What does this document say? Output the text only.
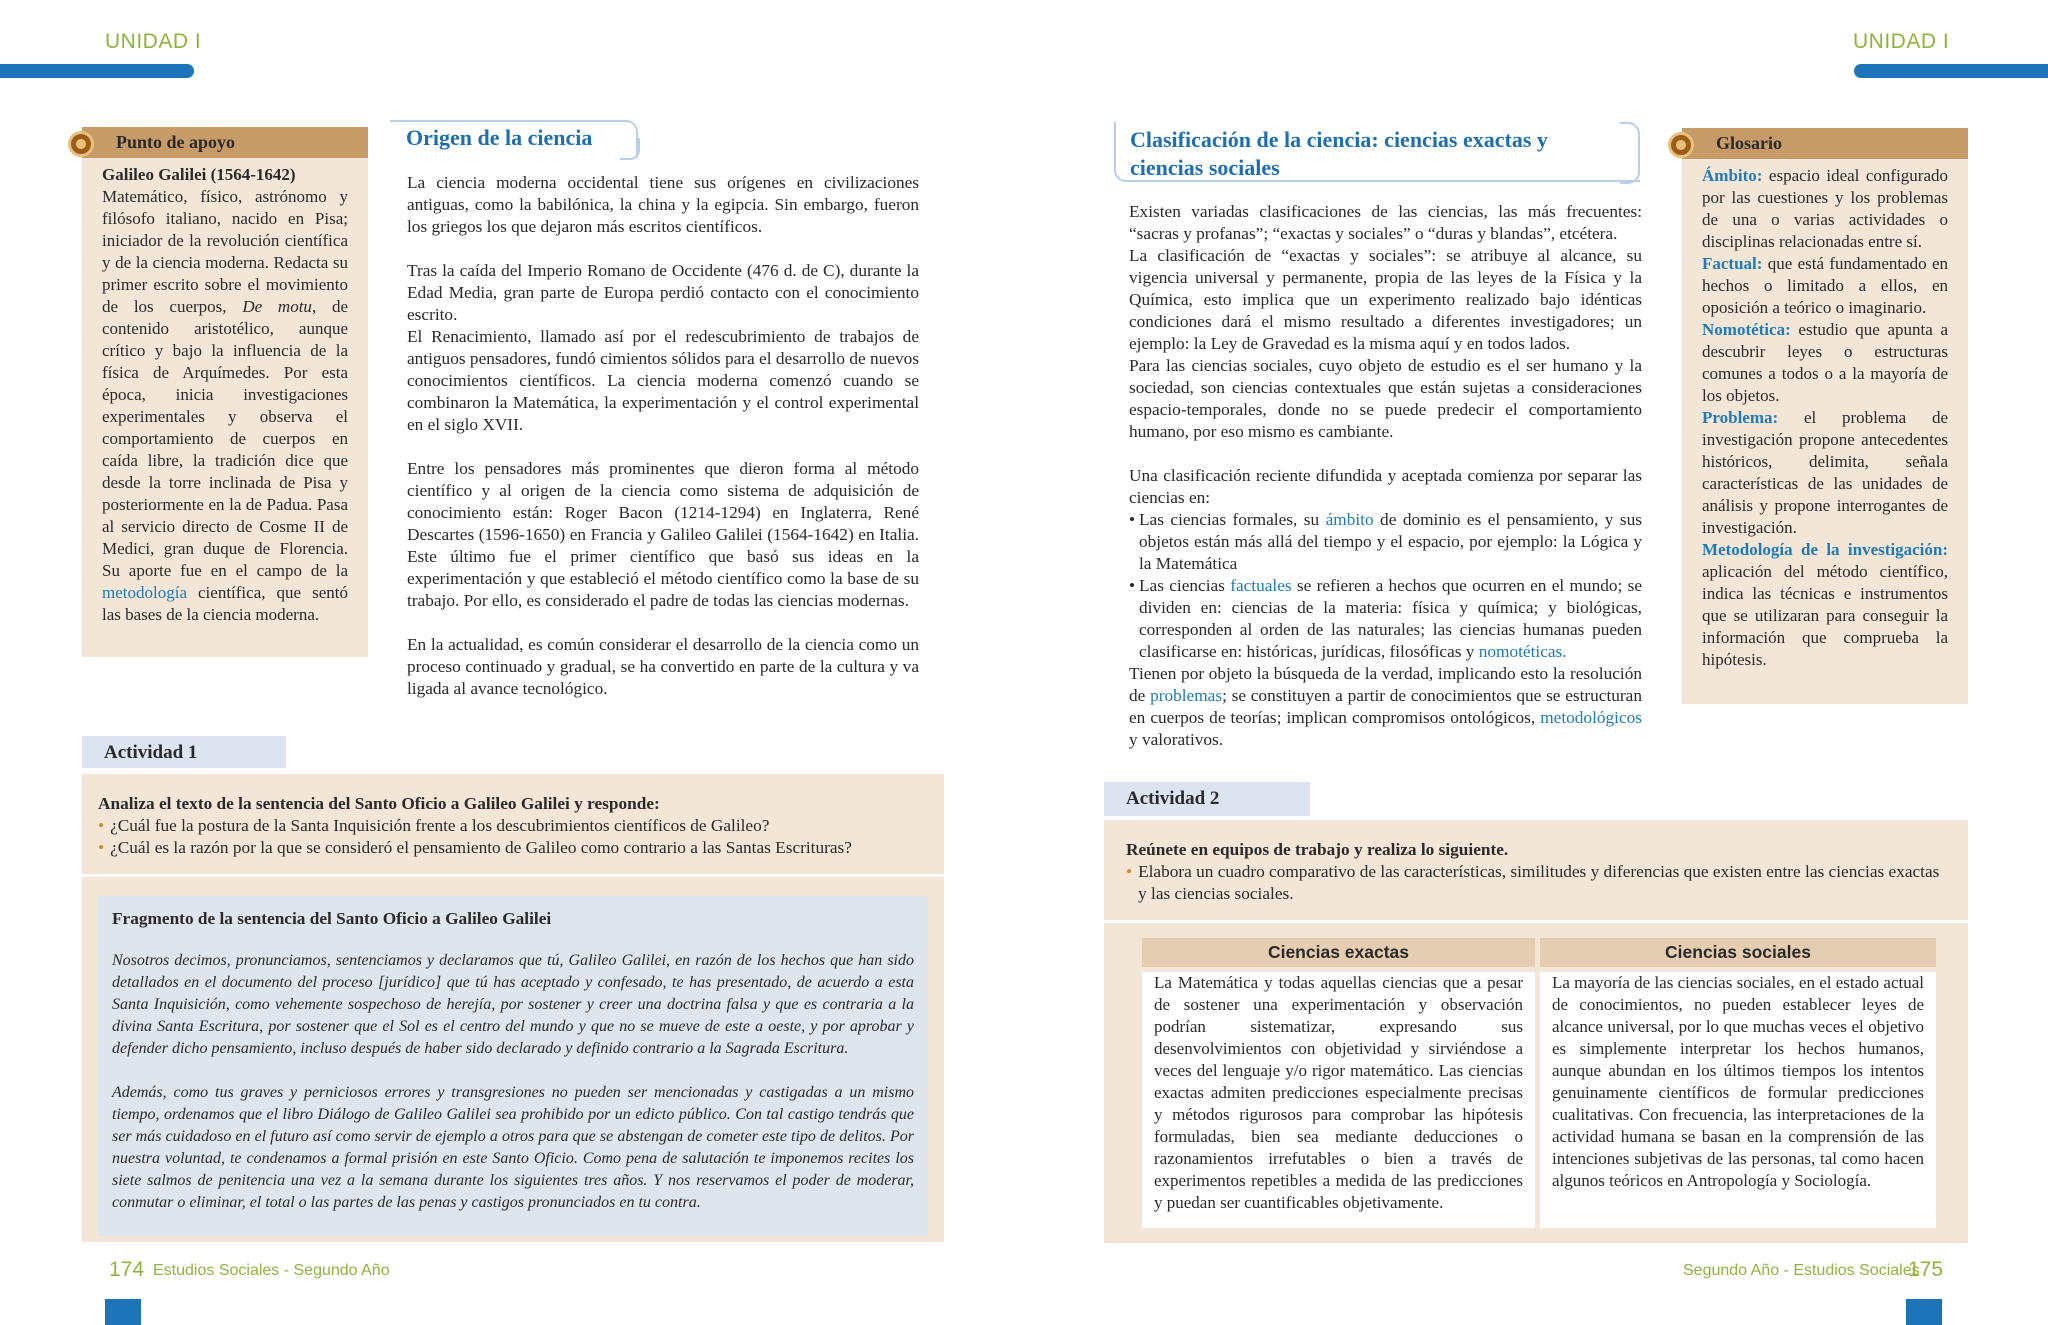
UNIDAD I
Punto de apoyo
Galileo Galilei (1564-1642)
Matemático, físico, astrónomo y filósofo italiano, nacido en Pisa; iniciador de la revolución científica y de la ciencia moderna. Redacta su primer escrito sobre el movimiento de los cuerpos, De motu, de contenido aristotélico, aunque crítico y bajo la influencia de la física de Arquímedes. Por esta época, inicia investigaciones experimentales y observa el comportamiento de cuerpos en caída libre, la tradición dice que desde la torre inclinada de Pisa y posteriormente en la de Padua. Pasa al servicio directo de Cosme II de Medici, gran duque de Florencia. Su aporte fue en el campo de la metodología científica, que sentó las bases de la ciencia moderna.
Origen de la ciencia

La ciencia moderna occidental tiene sus orígenes en civilizaciones antiguas, como la babilónica, la china y la egipcia. Sin embargo, fueron los griegos los que dejaron más escritos científicos.

Tras la caída del Imperio Romano de Occidente (476 d. de C), durante la Edad Media, gran parte de Europa perdió contacto con el conocimiento escrito.

El Renacimiento, llamado así por el redescubrimiento de trabajos de antiguos pensadores, fundó cimientos sólidos para el desarrollo de nuevos conocimientos científicos. La ciencia moderna comenzó cuando se combinaron la Matemática, la experimentación y el control experimental en el siglo XVII.

Entre los pensadores más prominentes que dieron forma al método científico y al origen de la ciencia como sistema de adquisición de conocimiento están: Roger Bacon (1214-1294) en Inglaterra, René Descartes (1596-1650) en Francia y Galileo Galilei (1564-1642) en Italia. Este último fue el primer científico que basó sus ideas en la experimentación y que estableció el método científico como la base de su trabajo. Por ello, es considerado el padre de todas las ciencias modernas.

En la actualidad, es común considerar el desarrollo de la ciencia como un proceso continuado y gradual, se ha convertido en parte de la cultura y va ligada al avance tecnológico.

Actividad 1
Analiza el texto de la sentencia del Santo Oficio a Galileo Galilei y responde:
• ¿Cuál fue la postura de la Santa Inquisición frente a los descubrimientos científicos de Galileo?
• ¿Cuál es la razón por la que se consideró el pensamiento de Galileo como contrario a las Santas Escrituras?
Fragmento de la sentencia del Santo Oficio a Galileo Galilei
Nosotros decimos, pronunciamos, sentenciamos y declaramos que tú, Galileo Galilei, en razón de los hechos que han sido detallados en el documento del proceso [jurídico] que tú has aceptado y confesado, te has presentado, de acuerdo a esta Santa Inquisición, como vehemente sospechoso de herejía, por sostener y creer una doctrina falsa y que es contraria a la divina Santa Escritura, por sostener que el Sol es el centro del mundo y que no se mueve de este a oeste, y por aprobar y defender dicho pensamiento, incluso después de haber sido declarado y definido contrario a la Sagrada Escritura.
Además, como tus graves y perniciosos errores y transgresiones no pueden ser mencionadas y castigadas a un mismo tiempo, ordenamos que el libro Diálogo de Galileo Galilei sea prohibido por un edicto público. Con tal castigo tendrás que ser más cuidadoso en el futuro así como servir de ejemplo a otros para que se abstengan de cometer este tipo de delitos. Por nuestra voluntad, te condenamos a formal prisión en este Santo Oficio. Como pena de salutación te imponemos recites los siete salmos de penitencia una vez a la semana durante los siguientes tres años. Y nos reservamos el poder de moderar, conmutar o eliminar, el total o las partes de las penas y castigos pronunciados en tu contra.
174 Estudios Sociales - Segundo Año
UNIDAD I
Clasificación de la ciencia: ciencias exactas y
ciencias sociales

Existen variadas clasificaciones de las ciencias, las más frecuentes: “sacras y profanas”; “exactas y sociales” o “duras y blandas”, etcétera.

La clasificación de “exactas y sociales”: se atribuye al alcance, su vigencia universal y permanente, propia de las leyes de la Física y la Química, esto implica que un experimento realizado bajo idénticas condiciones dará el mismo resultado a diferentes investigadores; un ejemplo: la Ley de Gravedad es la misma aquí y en todos lados.

Para las ciencias sociales, cuyo objeto de estudio es el ser humano y la sociedad, son ciencias contextuales que están sujetas a consideraciones espacio-temporales, donde no se puede predecir el comportamiento humano, por eso mismo es cambiante.

Una clasificación reciente difundida y aceptada comienza por separar las ciencias en:

• Las ciencias formales, su ámbito de dominio es el pensamiento, y sus objetos están más allá del tiempo y el espacio, por ejemplo: la Lógica y la Matemática
• Las ciencias factuales se refieren a hechos que ocurren en el mundo; se dividen en: ciencias de la materia: física y química; y biológicas, corresponden al orden de las naturales; las ciencias humanas pueden clasificarse en: históricas, jurídicas, filosóficas y nomotéticas.

Tienen por objeto la búsqueda de la verdad, implicando esto la resolución de problemas; se constituyen a partir de conocimientos que se estructuran en cuerpos de teorías; implican compromisos ontológicos, metodológicos y valorativos.

Glosario
Ámbito: espacio ideal configurado por las cuestiones y los problemas de una o varias actividades o disciplinas relacionadas entre sí.
Factual: que está fundamentado en hechos o limitado a ellos, en oposición a teórico o imaginario.
Nomotética: estudio que apunta a descubrir leyes o estructuras comunes a todos o a la mayoría de los objetos.
Problema: el problema de investigación propone antecedentes históricos, delimita, señala características de las unidades de análisis y propone interrogantes de investigación.
Metodología de la investigación: aplicación del método científico, indica las técnicas e instrumentos que se utilizaran para conseguir la información que comprueba la hipótesis.
Actividad 2
Reúnete en equipos de trabajo y realiza lo siguiente.
• Elabora un cuadro comparativo de las características, similitudes y diferencias que existen entre las ciencias exactas y las ciencias sociales.
Ciencias exactas	Ciencias sociales
La Matemática y todas aquellas ciencias que a pesar de sostener una experimentación y observación podrían sistematizar, expresando sus desenvolvimientos con objetividad y sirviéndose a veces del lenguaje y/o rigor matemático. Las ciencias exactas admiten predicciones especialmente precisas y métodos rigurosos para comprobar las hipótesis formuladas, bien sea mediante deducciones o razonamientos irrefutables o bien a través de experimentos repetibles a medida de las predicciones y puedan ser cuantificables objetivamente.
La mayoría de las ciencias sociales, en el estado actual de conocimientos, no pueden establecer leyes de alcance universal, por lo que muchas veces el objetivo es simplemente interpretar los hechos humanos, aunque abundan en los últimos tiempos los intentos genuinamente científicos de formular predicciones cualitativas. Con frecuencia, las interpretaciones de la actividad humana se basan en la comprensión de las intenciones subjetivas de las personas, tal como hacen algunos teóricos en Antropología y Sociología.
Segundo Año - Estudios Sociales
175
